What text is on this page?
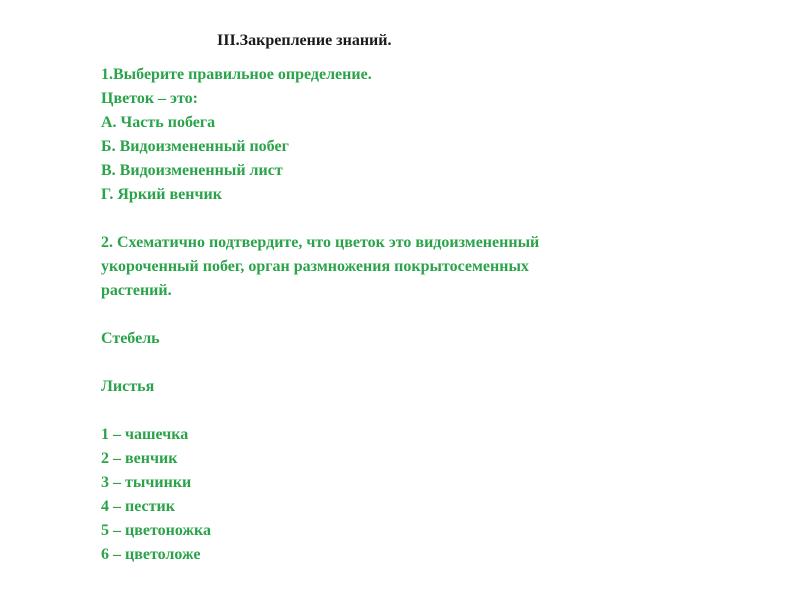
III.Закрепление знаний.
1.Выберите правильное определение.
Цветок – это:
А. Часть побега
Б. Видоизмененный побег
В. Видоизмененный лист
Г. Яркий венчик
2. Схематично подтвердите, что цветок это видоизмененный
укороченный побег, орган размножения покрытосеменных
растений.
Стебель
Листья
1 – чашечка
2 – венчик
3 – тычинки
4 – пестик
5 – цветоножка
6 – цветоложе
